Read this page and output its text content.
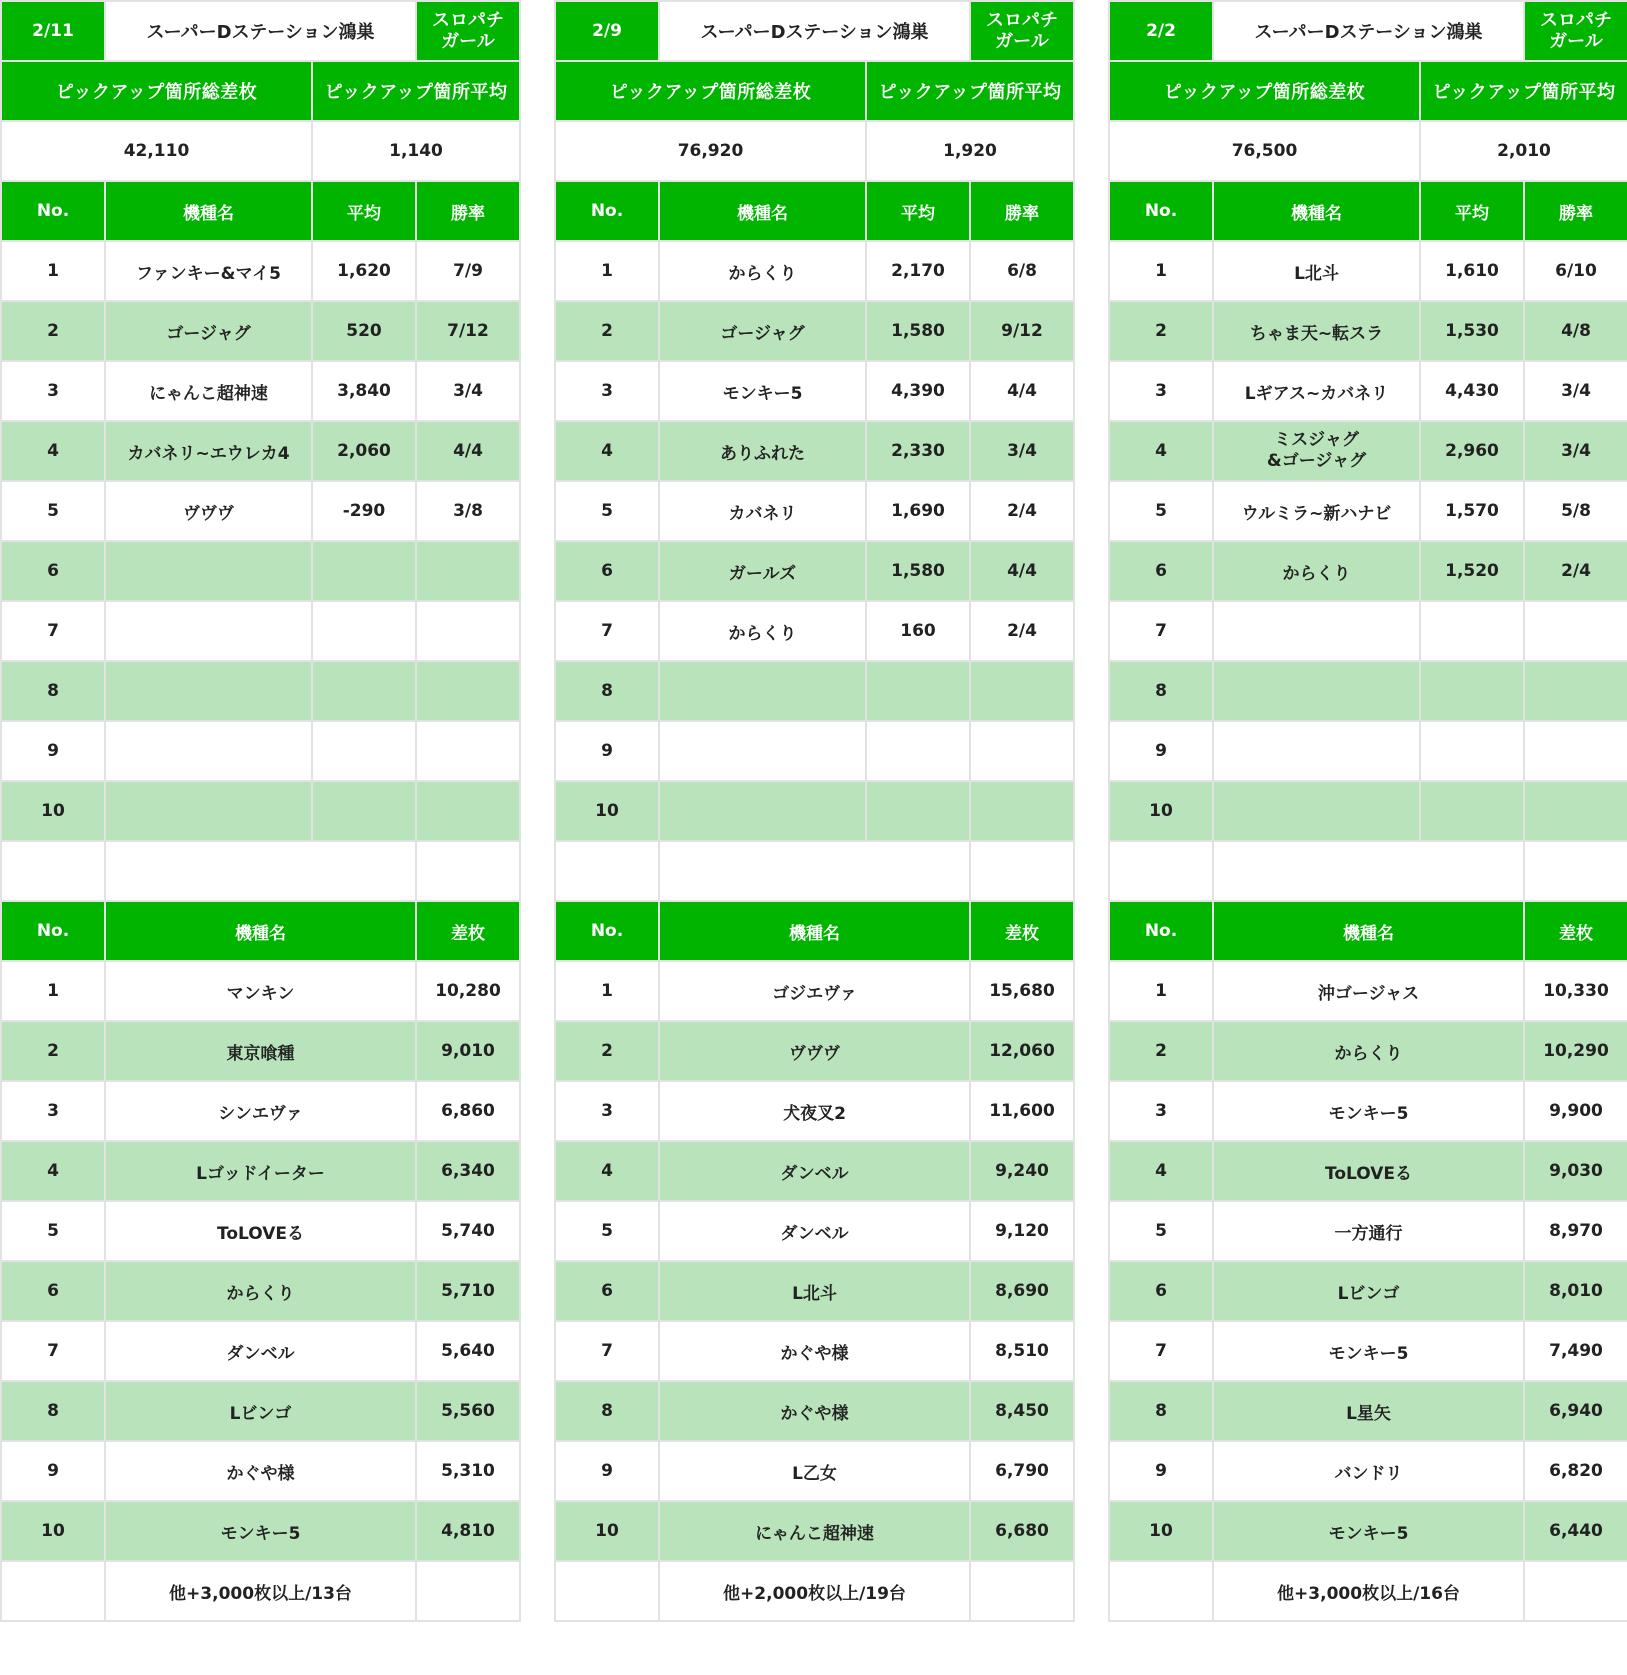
2/11	スーパーDステーション鴻巣		スロパチ
ガール

ピックアップ箇所総差枚		ピックアップ箇所平均	
42,110		1,140	
No.	機種名	平均	勝率
1	ファンキー&マイ5	1,620	7/9
2	ゴージャグ	520	7/12
3	にゃんこ超神速	3,840	3/4
4	カバネリ~エウレカ4	2,060	4/4
5	ヴヴヴ	-290	3/8
6			
7			
8			
9			
10			

No.	機種名		差枚
1	マンキン		10,280
2	東京喰種		9,010
3	シンエヴァ		6,860
4	Lゴッドイーター		6,340
5	ToLOVEる		5,740
6	からくり		5,710
7	ダンベル		5,640
8	Lビンゴ		5,560
9	かぐや様		5,310
10	モンキー5		4,810
	他+3,000枚以上/13台		
2/9	スーパーDステーション鴻巣		スロパチ
ガール

ピックアップ箇所総差枚		ピックアップ箇所平均	
76,920		1,920	
No.	機種名	平均	勝率
1	からくり	2,170	6/8
2	ゴージャグ	1,580	9/12
3	モンキー5	4,390	4/4
4	ありふれた	2,330	3/4
5	カバネリ	1,690	2/4
6	ガールズ	1,580	4/4
7	からくり	160	2/4
8			
9			
10			

No.	機種名		差枚
1	ゴジエヴァ		15,680
2	ヴヴヴ		12,060
3	犬夜叉2		11,600
4	ダンベル		9,240
5	ダンベル		9,120
6	L北斗		8,690
7	かぐや様		8,510
8	かぐや様		8,450
9	L乙女		6,790
10	にゃんこ超神速		6,680
	他+2,000枚以上/19台		
2/2	スーパーDステーション鴻巣		スロパチ
ガール

ピックアップ箇所総差枚		ピックアップ箇所平均	
76,500		2,010	
No.	機種名	平均	勝率
1	L北斗	1,610	6/10
2	ちゃま天~転スラ	1,530	4/8
3	Lギアス~カバネリ	4,430	3/4
4	ミスジャグ
&ゴージャグ	2,960	3/4
5	ウルミラ~新ハナビ	1,570	5/8
6	からくり	1,520	2/4
7			
8			
9			
10			

No.	機種名		差枚
1	沖ゴージャス		10,330
2	からくり		10,290
3	モンキー5		9,900
4	ToLOVEる		9,030
5	一方通行		8,970
6	Lビンゴ		8,010
7	モンキー5		7,490
8	L星矢		6,940
9	バンドリ		6,820
10	モンキー5		6,440
	他+3,000枚以上/16台		
